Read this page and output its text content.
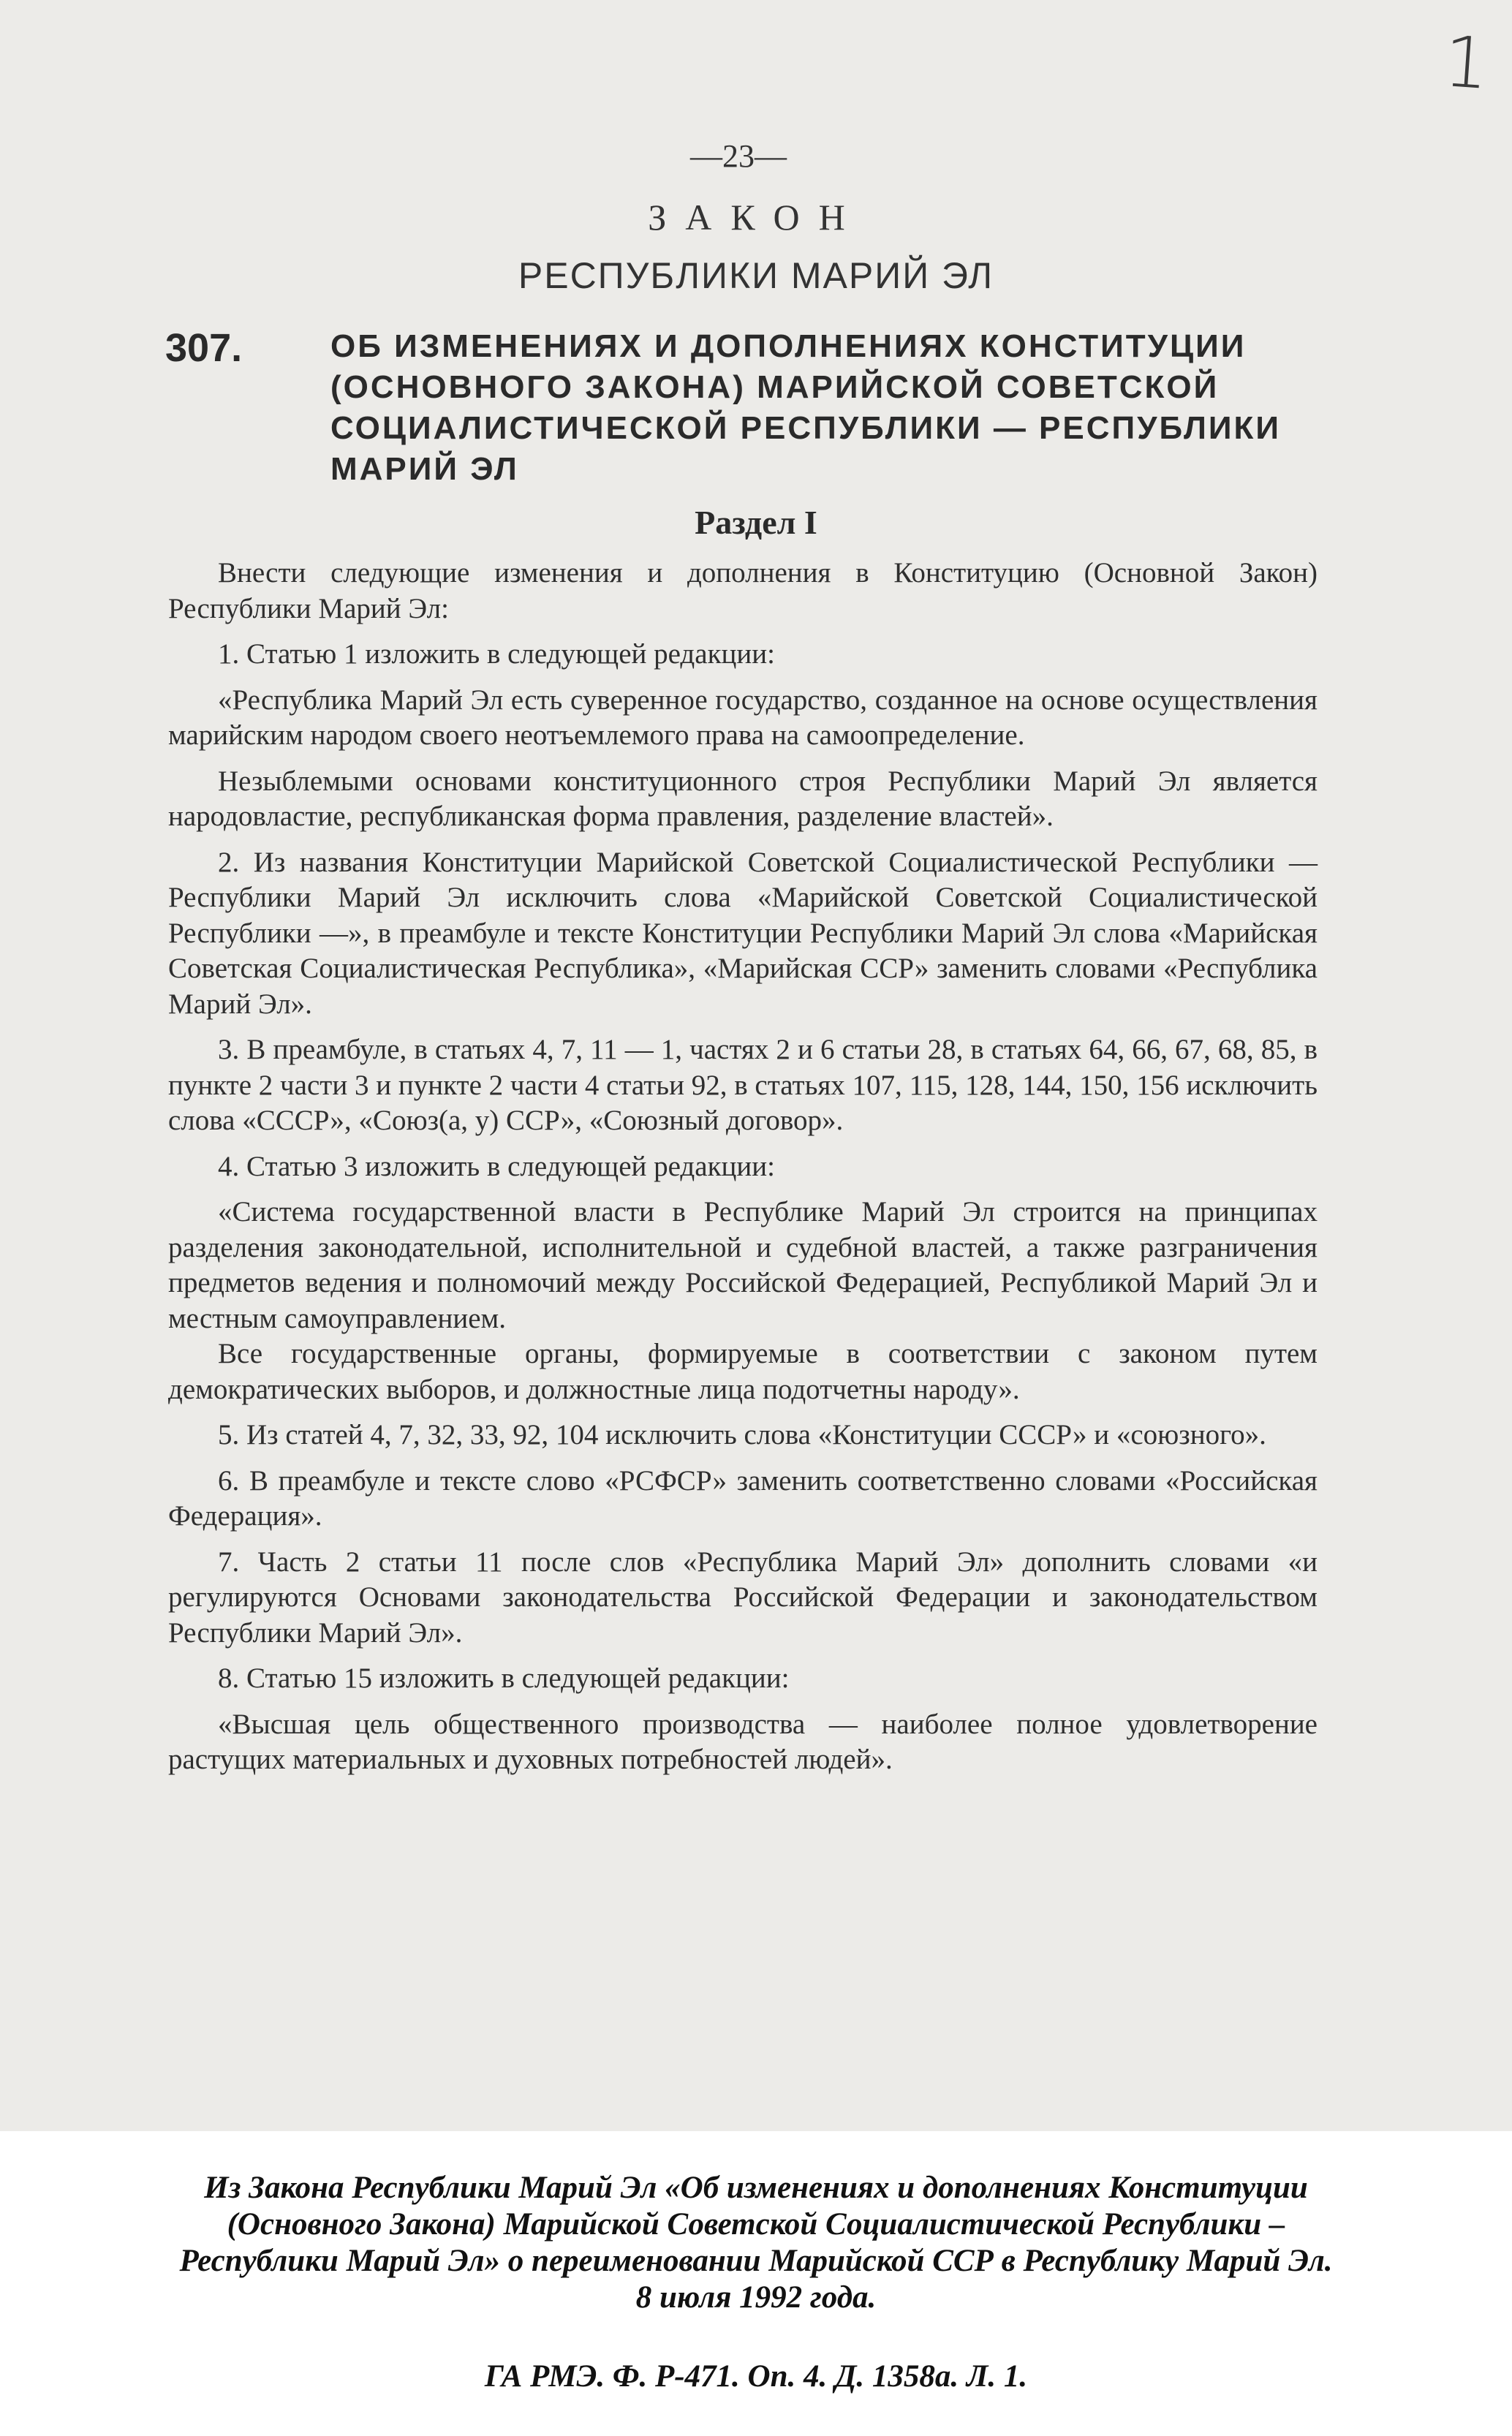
1
—23—
ЗАКОН
РЕСПУБЛИКИ МАРИЙ ЭЛ
307.	ОБ ИЗМЕНЕНИЯХ И ДОПОЛНЕНИЯХ КОНСТИТУЦИИ (ОСНОВНОГО ЗАКОНА) МАРИЙСКОЙ СОВЕТСКОЙ СОЦИАЛИСТИЧЕСКОЙ РЕСПУБЛИКИ — РЕСПУБЛИКИ МАРИЙ ЭЛ
Раздел I

Внести следующие изменения и дополнения в Конституцию (Основной Закон) Республики Марий Эл:

1. Статью 1 изложить в следующей редакции:

«Республика Марий Эл есть суверенное государство, созданное на основе осуществления марийским народом своего неотъемлемого права на самоопределение.

Незыблемыми основами конституционного строя Республики Марий Эл является народовластие, республиканская форма правления, разделение властей».

2. Из названия Конституции Марийской Советской Социалистической Республики — Республики Марий Эл исключить слова «Марийской Советской Социалистической Республики —», в преамбуле и тексте Конституции Республики Марий Эл слова «Марийская Советская Социалистическая Республика», «Марийская ССР» заменить словами «Республика Марий Эл».

3. В преамбуле, в статьях 4, 7, 11 — 1, частях 2 и 6 статьи 28, в статьях 64, 66, 67, 68, 85, в пункте 2 части 3 и пункте 2 части 4 статьи 92, в статьях 107, 115, 128, 144, 150, 156 исключить слова «СССР», «Союз(а, у) ССР», «Союзный договор».

4. Статью 3 изложить в следующей редакции:

«Система государственной власти в Республике Марий Эл строится на принципах разделения законодательной, исполнительной и судебной властей, а также разграничения предметов ведения и полномочий между Российской Федерацией, Республикой Марий Эл и местным самоуправлением.

Все государственные органы, формируемые в соответствии с законом путем демократических выборов, и должностные лица подотчетны народу».

5. Из статей 4, 7, 32, 33, 92, 104 исключить слова «Конституции СССР» и «союзного».

6. В преамбуле и тексте слово «РСФСР» заменить соответственно словами «Российская Федерация».

7. Часть 2 статьи 11 после слов «Республика Марий Эл» дополнить словами «и регулируются Основами законодательства Российской Федерации и законодательством Республики Марий Эл».

8. Статью 15 изложить в следующей редакции:

«Высшая цель общественного производства — наиболее полное удовлетворение растущих материальных и духовных потребностей людей».

Из Закона Республики Марий Эл «Об изменениях и дополнениях Конституции
(Основного Закона) Марийской Советской Социалистической Республики –
Республики Марий Эл» о переименовании Марийской ССР в Республику Марий Эл.
8 июля 1992 года.
ГА РМЭ. Ф. Р-471. Оп. 4. Д. 1358а. Л. 1.
